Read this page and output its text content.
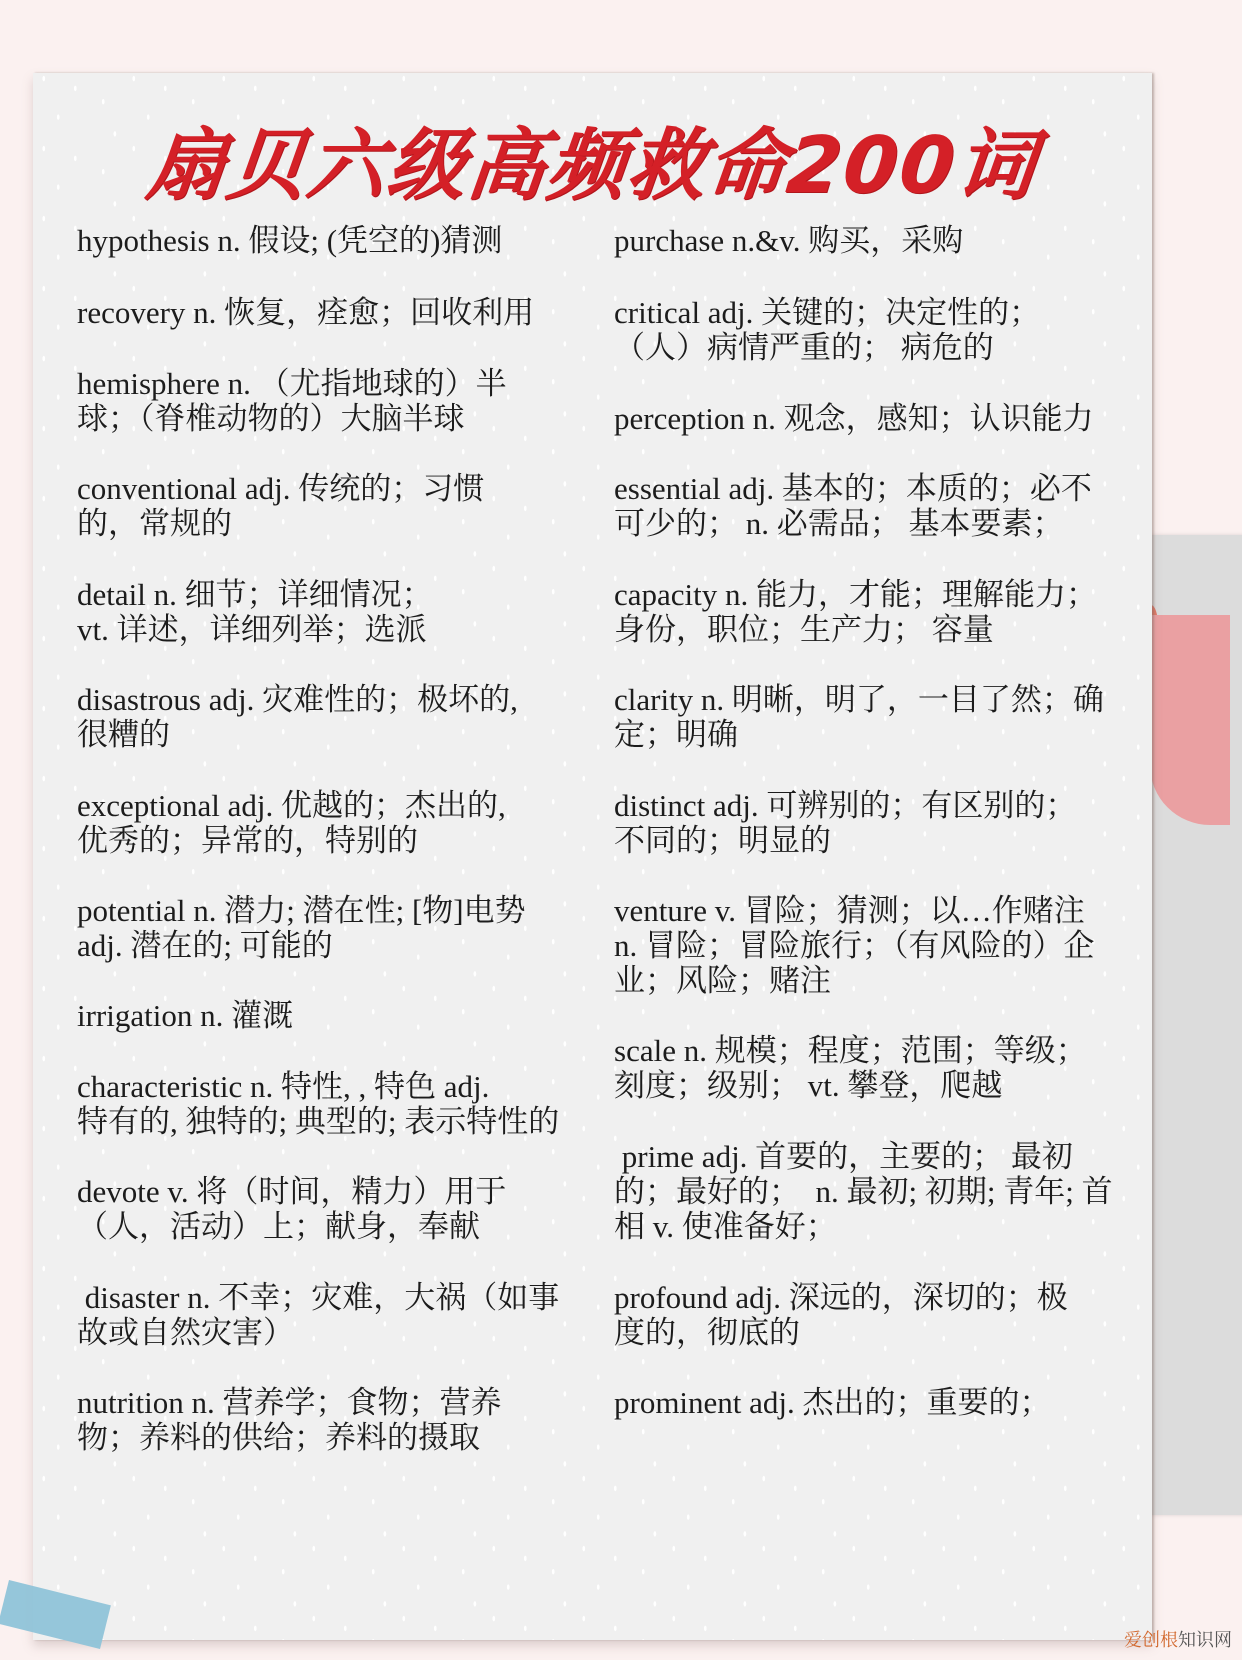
扇贝六级高频救命200词
hypothesis n. 假设; (凭空的)猜测
recovery n. 恢复，痊愈；回收利用
hemisphere n. （尤指地球的）半
球；（脊椎动物的）大脑半球
conventional adj. 传统的；习惯
的，常规的
detail n. 细节；详细情况；
vt. 详述，详细列举；选派
disastrous adj. 灾难性的；极坏的,
很糟的
exceptional adj. 优越的；杰出的,
优秀的；异常的，特别的
potential n. 潜力; 潜在性; [物]电势
adj. 潜在的; 可能的
irrigation n. 灌溉
characteristic n. 特性, , 特色 adj.
特有的, 独特的; 典型的; 表示特性的
devote v. 将（时间，精力）用于
（人，活动）上；献身，奉献
disaster n. 不幸；灾难，大祸（如事
故或自然灾害）
nutrition n. 营养学；食物；营养
物；养料的供给；养料的摄取
purchase n.&v. 购买，采购
critical adj. 关键的；决定性的；
（人）病情严重的； 病危的
perception n. 观念，感知；认识能力
essential adj. 基本的；本质的；必不
可少的； n. 必需品； 基本要素；
capacity n. 能力，才能；理解能力；
身份，职位；生产力； 容量
clarity n. 明晰，明了，一目了然；确
定；明确
distinct adj. 可辨别的；有区别的；
不同的；明显的
venture v. 冒险；猜测；以…作赌注
n. 冒险；冒险旅行；（有风险的）企
业；风险；赌注
scale n. 规模；程度；范围；等级；
刻度；级别； vt. 攀登，爬越
prime adj. 首要的，主要的； 最初
的；最好的；  n. 最初; 初期; 青年; 首
相 v. 使准备好；
profound adj. 深远的，深切的；极
度的，彻底的
prominent adj. 杰出的；重要的；
爱创根知识网
